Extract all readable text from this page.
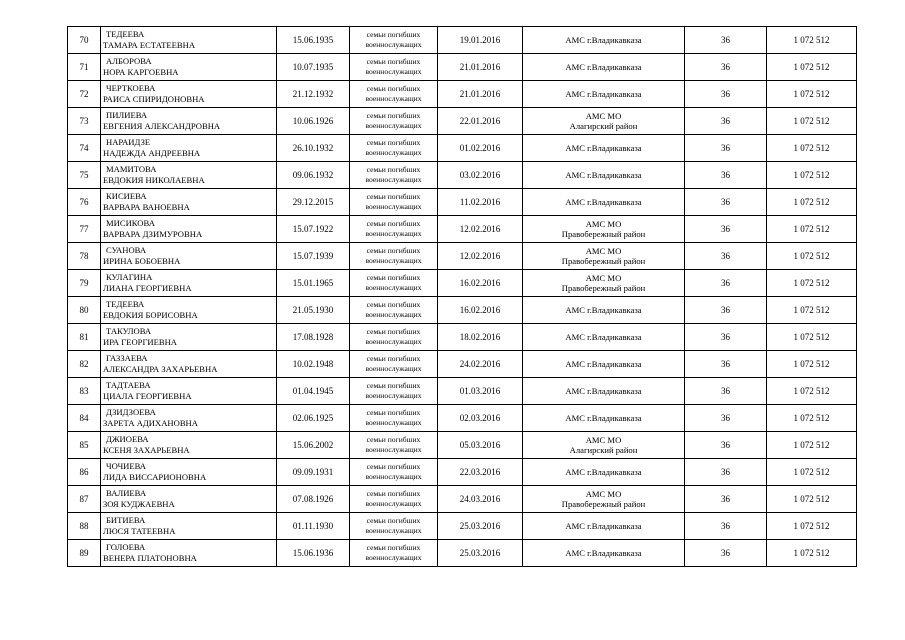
70	ТЕДЕЕВА
ТАМАРА ЕСТАТЕЕВНА	15.06.1935	семьи погибших
военнослужащих	19.01.2016	АМС г.Владикавказа	36	1 072 512
71	АЛБОРОВА
НОРА КАРГОЕВНА	10.07.1935	семьи погибших
военнослужащих	21.01.2016	АМС г.Владикавказа	36	1 072 512
72	ЧЕРТКОЕВА
РАИСА СПИРИДОНОВНА	21.12.1932	семьи погибших
военнослужащих	21.01.2016	АМС г.Владикавказа	36	1 072 512
73	ПИЛИЕВА
ЕВГЕНИЯ АЛЕКСАНДРОВНА	10.06.1926	семьи погибших
военнослужащих	22.01.2016	АМС МО
Алагирский район	36	1 072 512
74	НАРАИДЗЕ
НАДЕЖДА АНДРЕЕВНА	26.10.1932	семьи погибших
военнослужащих	01.02.2016	АМС г.Владикавказа	36	1 072 512
75	МАМИТОВА
ЕВДОКИЯ НИКОЛАЕВНА	09.06.1932	семьи погибших
военнослужащих	03.02.2016	АМС г.Владикавказа	36	1 072 512
76	КИСИЕВА
ВАРВАРА ВАНОЕВНА	29.12.2015	семьи погибших
военнослужащих	11.02.2016	АМС г.Владикавказа	36	1 072 512
77	МИСИКОВА
ВАРВАРА ДЗИМУРОВНА	15.07.1922	семьи погибших
военнослужащих	12.02.2016	АМС МО
Правобережный район	36	1 072 512
78	СУАНОВА
ИРИНА БОБОЕВНА	15.07.1939	семьи погибших
военнослужащих	12.02.2016	АМС МО
Правобережный район	36	1 072 512
79	КУЛАГИНА
ЛИАНА ГЕОРГИЕВНА	15.01.1965	семьи погибших
военнослужащих	16.02.2016	АМС МО
Правобережный район	36	1 072 512
80	ТЕДЕЕВА
ЕВДОКИЯ БОРИСОВНА	21.05.1930	семьи погибших
военнослужащих	16.02.2016	АМС г.Владикавказа	36	1 072 512
81	ТАКУЛОВА
ИРА ГЕОРГИЕВНА	17.08.1928	семьи погибших
военнослужащих	18.02.2016	АМС г.Владикавказа	36	1 072 512
82	ГАЗЗАЕВА
АЛЕКСАНДРА ЗАХАРЬЕВНА	10.02.1948	семьи погибших
военнослужащих	24.02.2016	АМС г.Владикавказа	36	1 072 512
83	ТАДТАЕВА
ЦИАЛА ГЕОРГИЕВНА	01.04.1945	семьи погибших
военнослужащих	01.03.2016	АМС г.Владикавказа	36	1 072 512
84	ДЗИДЗОЕВА
ЗАРЕТА АДИХАНОВНА	02.06.1925	семьи погибших
военнослужащих	02.03.2016	АМС г.Владикавказа	36	1 072 512
85	ДЖИОЕВА
КСЕНЯ ЗАХАРЬЕВНА	15.06.2002	семьи погибших
военнослужащих	05.03.2016	АМС МО
Алагирский район	36	1 072 512
86	ЧОЧИЕВА
ЛИДА ВИССАРИОНОВНА	09.09.1931	семьи погибших
военнослужащих	22.03.2016	АМС г.Владикавказа	36	1 072 512
87	ВАЛИЕВА
ЗОЯ КУДЖАЕВНА	07.08.1926	семьи погибших
военнослужащих	24.03.2016	АМС МО
Правобережный район	36	1 072 512
88	БИТИЕВА
ЛЮСЯ ТАТЕЕВНА	01.11.1930	семьи погибших
военнослужащих	25.03.2016	АМС г.Владикавказа	36	1 072 512
89	ГОЛОЕВА
ВЕНЕРА ПЛАТОНОВНА	15.06.1936	семьи погибших
военнослужащих	25.03.2016	АМС г.Владикавказа	36	1 072 512
